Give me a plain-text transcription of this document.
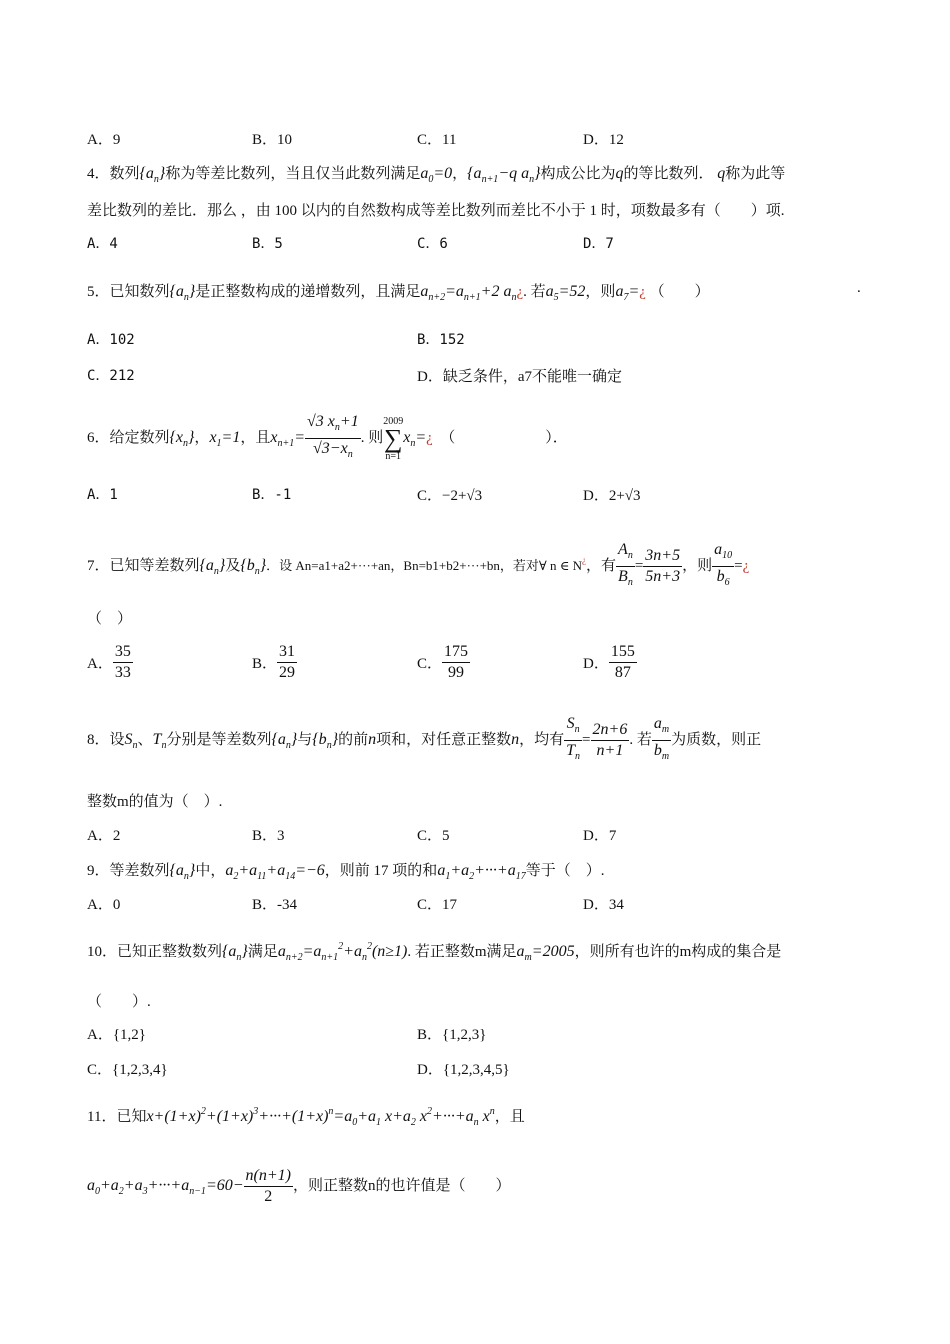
A．9	B．10	C．11	D．12
4．数列$\{a_n\}$称为等差比数列，当且仅当此数列满足$a_0=0$，{$a_{n+1}-q$ $a_n$}构成公比为q的等比数列． q称为此等
差比数列的差比．那么 ，由 100 以内的自然数构成等差比数列而差比不小于 1 时，项数最多有（　　）项.
A．4	B．5	C．6	D．7
5．已知数列$\{a_n\}$是正整数构成的递增数列，且满足$a_{n+2}=a_{n+1}+2$ $a_n¿$. 若$a_5=52$，则$a_7=¿$ （　　）	.
A．102	B．152
C．212	D．缺乏条件，a7不能唯一确定
6．给定数列$\{x_n\}$，$x_1=1$，且$x_{n+1}= \frac{√3 x_n+1}{√3-x_n}$ . 则
2009
∑
n=1
$x_n=¿$ （　　　　　　）．
A．1	B．-1	C．−2+√3	D．2+√3
7．已知等差数列$\{a_n\}$及$\{b_n\}$．设 An=a1+a2+···+an，Bn=b1+b2+···+bn，若对∀ n ∈ N¿，有 $\frac{A_n}{B_n} = \frac{3n+5}{5n+3}$ ，则 $\frac{a_{10}}{b_6}$ =¿
（　）
A． $\frac{35}{33}$	B． $\frac{31}{29}$	C． $\frac{175}{99}$	D． $\frac{155}{87}$
8．设$S_n$、$T_n$分别是等差数列$\{a_n\}$与$\{b_n\}$的前n项和，对任意正整数n，均有 $\frac{S_n}{T_n} = \frac{2n+6}{n+1}$ . 若 $\frac{a_m}{b_m}$ 为质数，则正
整数m的值为（　）.
A．2	B．3	C．5	D．7
9．等差数列$\{a_n\}$中，$a_2+a_{11}+a_{14}=-6$，则前 17 项的和$a_1+a_2+\cdot\cdot\cdot+a_{17}$等于（　）.
A．0	B．-34	C．17	D．34
10．已知正整数数列$\{a_n\}$满足$a_{n+2}=a_{n+1}^2+a_n^2(n\ge 1)$. 若正整数m满足$a_m=2005$，则所有也许的m构成的集合是
（　　）.
A．{1,2}	B．{1,2,3}
C．{1,2,3,4}	D．{1,2,3,4,5}
11．已知$x+(1+x)^2+(1+x)^3+\cdot\cdot\cdot+(1+x)^n=a_0+a_1$ $x+a_2$ $x^2+\cdot\cdot\cdot+a_n$ $x^n$，且
$a_0+a_2+a_3+\cdot\cdot\cdot+a_{n-1}=60- \frac{n(n+1)}{2}$ ，则正整数n的也许值是（　　）
